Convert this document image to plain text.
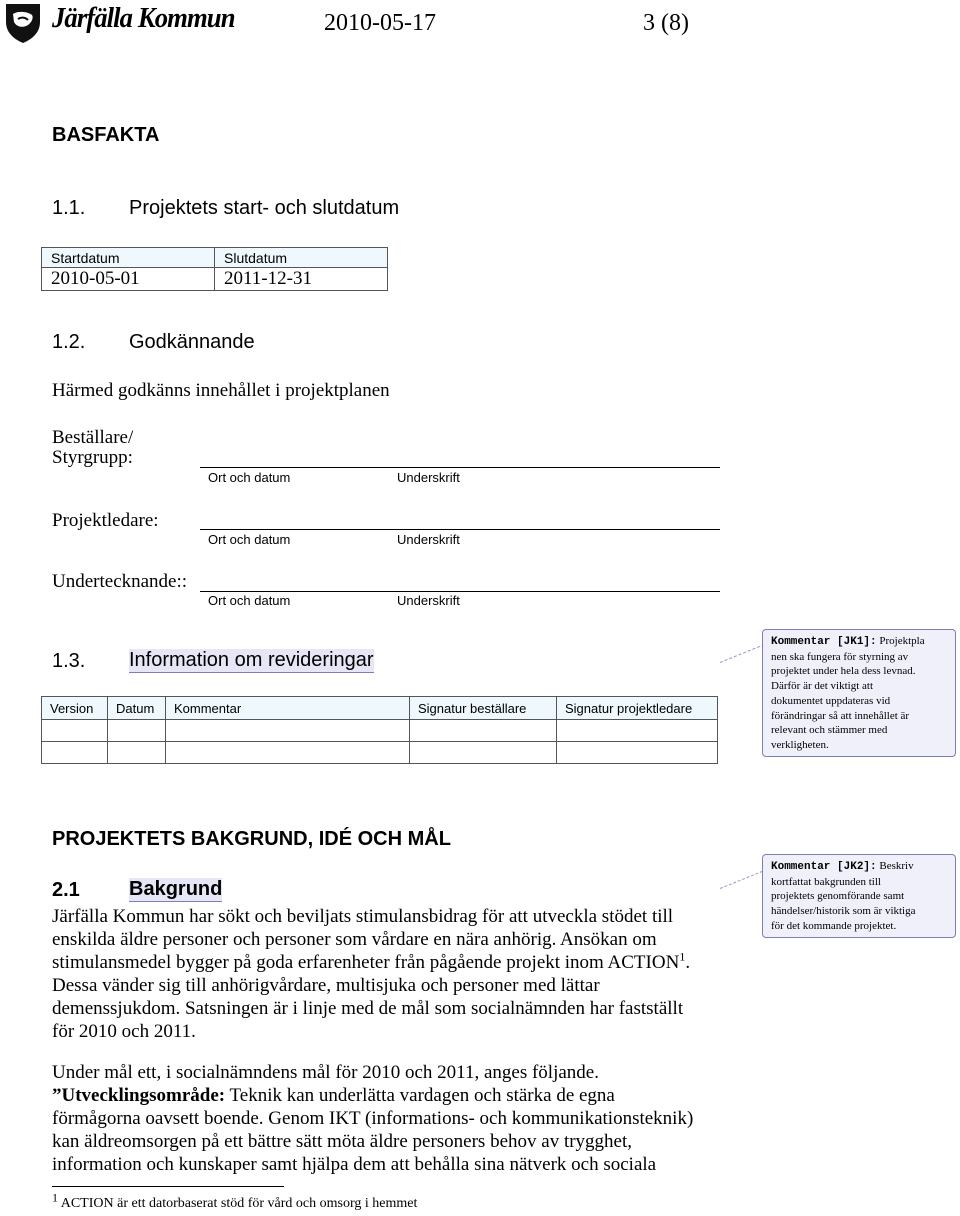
Järfälla Kommun	2010-05-17	3 (8)
BASFAKTA
1.1. Projektets start- och slutdatum
Startdatum	Slutdatum
2010-05-01	2011-12-31
1.2. Godkännande
Härmed godkänns innehållet i projektplanen
Beställare/
Styrgrupp:
Ort och datum	Underskrift
Projektledare:
Ort och datum	Underskrift
Undertecknande::
Ort och datum	Underskrift
1.3. Information om revideringar
Version	Datum	Kommentar	Signatur beställare	Signatur projektledare

Kommentar [JK1]: Projektpla
nen ska fungera för styrning av
projektet under hela dess levnad.
Därför är det viktigt att
dokumentet uppdateras vid
förändringar så att innehållet är
relevant och stämmer med
verkligheten.
PROJEKTETS BAKGRUND, IDÉ OCH MÅL
2.1 Bakgrund
Kommentar [JK2]: Beskriv
kortfattat bakgrunden till
projektets genomförande samt
händelser/historik som är viktiga
för det kommande projektet.
Järfälla Kommun har sökt och beviljats stimulansbidrag för att utveckla stödet till
enskilda äldre personer och personer som vårdare en nära anhörig. Ansökan om
stimulansmedel bygger på goda erfarenheter från pågående projekt inom ACTION$^1$.
Dessa vänder sig till anhörigvårdare, multisjuka och personer med lättar
demenssjukdom. Satsningen är i linje med de mål som socialnämnden har fastställt
för 2010 och 2011.
Under mål ett, i socialnämndens mål för 2010 och 2011, anges följande.
”Utvecklingsområde: Teknik kan underlätta vardagen och stärka de egna
förmågorna oavsett boende. Genom IKT (informations- och kommunikationsteknik)
kan äldreomsorgen på ett bättre sätt möta äldre personers behov av trygghet,
information och kunskaper samt hjälpa dem att behålla sina nätverk och sociala
$^1$ ACTION är ett datorbaserat stöd för vård och omsorg i hemmet
